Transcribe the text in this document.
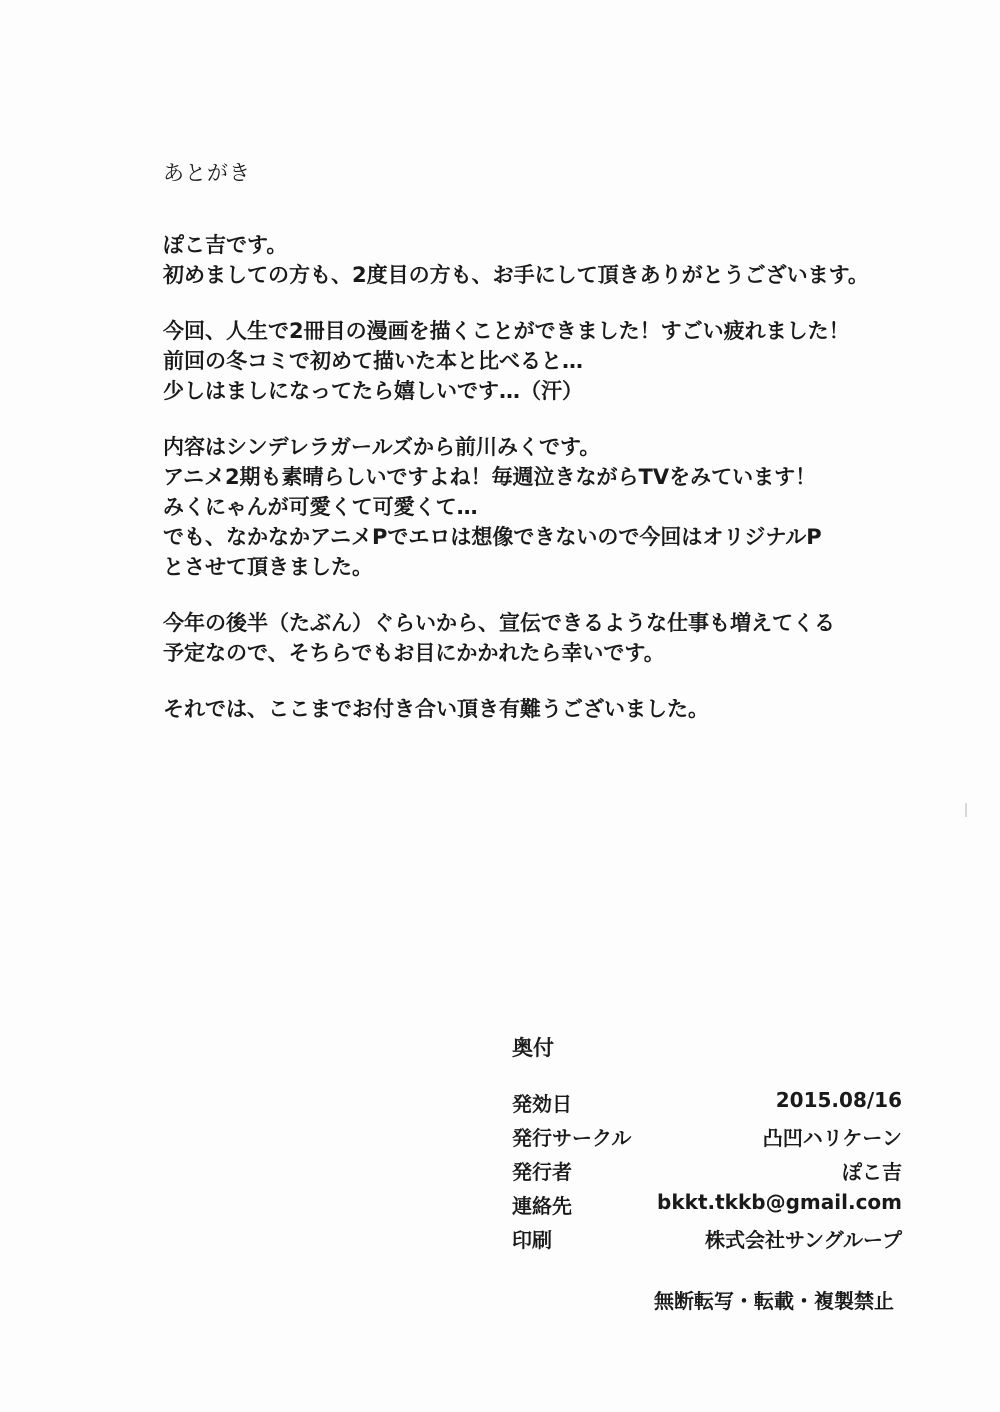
あとがき
ぽこ吉です。
初めましての方も、2度目の方も、お手にして頂きありがとうございます。
今回、人生で2冊目の漫画を描くことができました！すごい疲れました！
前回の冬コミで初めて描いた本と比べると…
少しはましになってたら嬉しいです…（汗）
内容はシンデレラガールズから前川みくです。
アニメ2期も素晴らしいですよね！毎週泣きながらTVをみています！
みくにゃんが可愛くて可愛くて…
でも、なかなかアニメPでエロは想像できないので今回はオリジナルP
とさせて頂きました。
今年の後半（たぶん）ぐらいから、宣伝できるような仕事も増えてくる
予定なので、そちらでもお目にかかれたら幸いです。
それでは、ここまでお付き合い頂き有難うございました。
奥付
発効日	2015.08/16
発行サークル	凸凹ハリケーン
発行者	ぽこ吉
連絡先	bkkt.tkkb@gmail.com
印刷	株式会社サングループ
無断転写・転載・複製禁止
